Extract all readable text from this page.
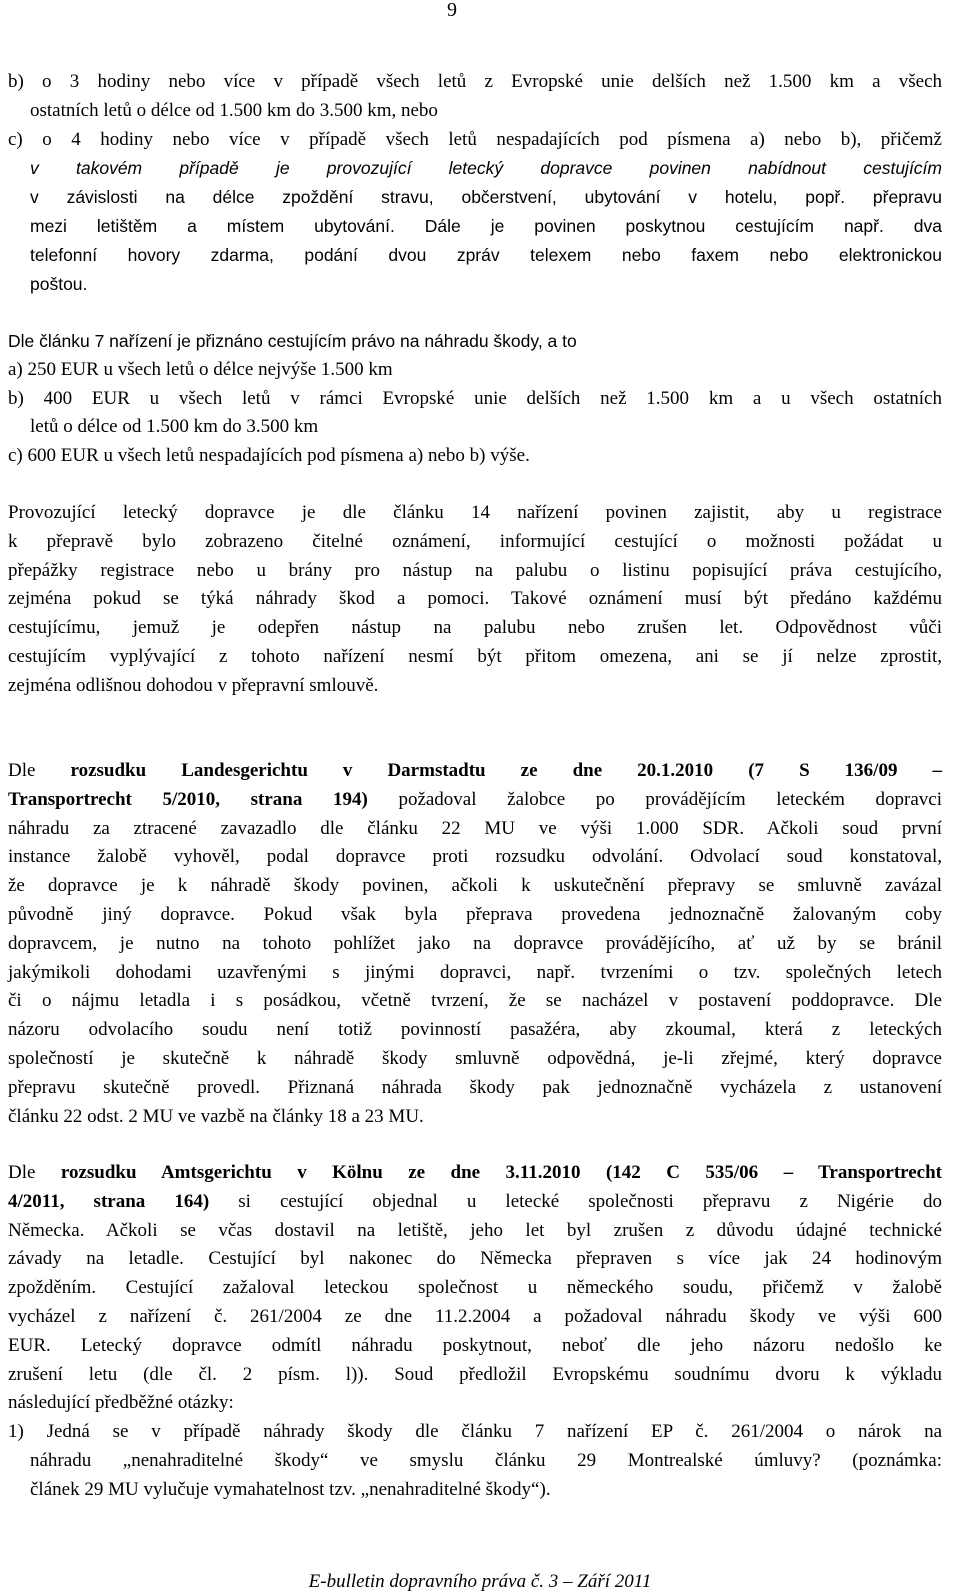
9
b) o 3 hodiny nebo více v případě všech letů z Evropské unie delších než 1.500 km a všech
ostatních letů o délce od 1.500 km do 3.500 km, nebo
c) o 4 hodiny nebo více v případě všech letů nespadajících pod písmena a) nebo b), přičemž
v takovém případě je provozující letecký dopravce povinen nabídnout cestujícím
v závislosti na délce zpoždění stravu, občerstvení, ubytování v hotelu, popř. přepravu
mezi letištěm a místem ubytování. Dále je povinen poskytnou cestujícím např. dva
telefonní hovory zdarma, podání dvou zpráv telexem nebo faxem nebo elektronickou
poštou.
Dle článku 7 nařízení je přiznáno cestujícím právo na náhradu škody, a to
a) 250 EUR u všech letů o délce nejvýše 1.500 km
b) 400 EUR u všech letů v rámci Evropské unie delších než 1.500 km a u všech ostatních
letů o délce od 1.500 km do 3.500 km
c) 600 EUR u všech letů nespadajících pod písmena a) nebo b) výše.
Provozující letecký dopravce je dle článku 14 nařízení povinen zajistit, aby u registrace
k přepravě bylo zobrazeno čitelné oznámení, informující cestující o možnosti požádat u
přepážky registrace nebo u brány pro nástup na palubu o listinu popisující práva cestujícího,
zejména pokud se týká náhrady škod a pomoci. Takové oznámení musí být předáno každému
cestujícímu, jemuž je odepřen nástup na palubu nebo zrušen let. Odpovědnost vůči
cestujícím vyplývající z tohoto nařízení nesmí být přitom omezena, ani se jí nelze zprostit,
zejména odlišnou dohodou v přepravní smlouvě.
Dle rozsudku Landesgerichtu v Darmstadtu ze dne 20.1.2010 (7 S 136/09 –
Transportrecht 5/2010, strana 194) požadoval žalobce po provádějícím leteckém dopravci
náhradu za ztracené zavazadlo dle článku 22 MU ve výši 1.000 SDR. Ačkoli soud první
instance žalobě vyhověl, podal dopravce proti rozsudku odvolání. Odvolací soud konstatoval,
že dopravce je k náhradě škody povinen, ačkoli k uskutečnění přepravy se smluvně zavázal
původně jiný dopravce. Pokud však byla přeprava provedena jednoznačně žalovaným coby
dopravcem, je nutno na tohoto pohlížet jako na dopravce provádějícího, ať už by se bránil
jakýmikoli dohodami uzavřenými s jinými dopravci, např. tvrzeními o tzv. společných letech
či o nájmu letadla i s posádkou, včetně tvrzení, že se nacházel v postavení poddopravce. Dle
názoru odvolacího soudu není totiž povinností pasažéra, aby zkoumal, která z leteckých
společností je skutečně k náhradě škody smluvně odpovědná, je-li zřejmé, který dopravce
přepravu skutečně provedl. Přiznaná náhrada škody pak jednoznačně vycházela z ustanovení
článku 22 odst. 2 MU ve vazbě na články 18 a 23 MU.
Dle rozsudku Amtsgerichtu v Kölnu ze dne 3.11.2010 (142 C 535/06 – Transportrecht
4/2011, strana 164) si cestující objednal u letecké společnosti přepravu z Nigérie do
Německa. Ačkoli se včas dostavil na letiště, jeho let byl zrušen z důvodu údajné technické
závady na letadle. Cestující byl nakonec do Německa přepraven s více jak 24 hodinovým
zpožděním. Cestující zažaloval leteckou společnost u německého soudu, přičemž v žalobě
vycházel z nařízení č. 261/2004 ze dne 11.2.2004 a požadoval náhradu škody ve výši 600
EUR. Letecký dopravce odmítl náhradu poskytnout, neboť dle jeho názoru nedošlo ke
zrušení letu (dle čl. 2 písm. l)). Soud předložil Evropskému soudnímu dvoru k výkladu
následující předběžné otázky:
1) Jedná se v případě náhrady škody dle článku 7 nařízení EP č. 261/2004 o nárok na
náhradu „nenahraditelné škody“ ve smyslu článku 29 Montrealské úmluvy? (poznámka:
článek 29 MU vylučuje vymahatelnost tzv. „nenahraditelné škody“).
E-bulletin dopravního práva č. 3 – Září 2011
